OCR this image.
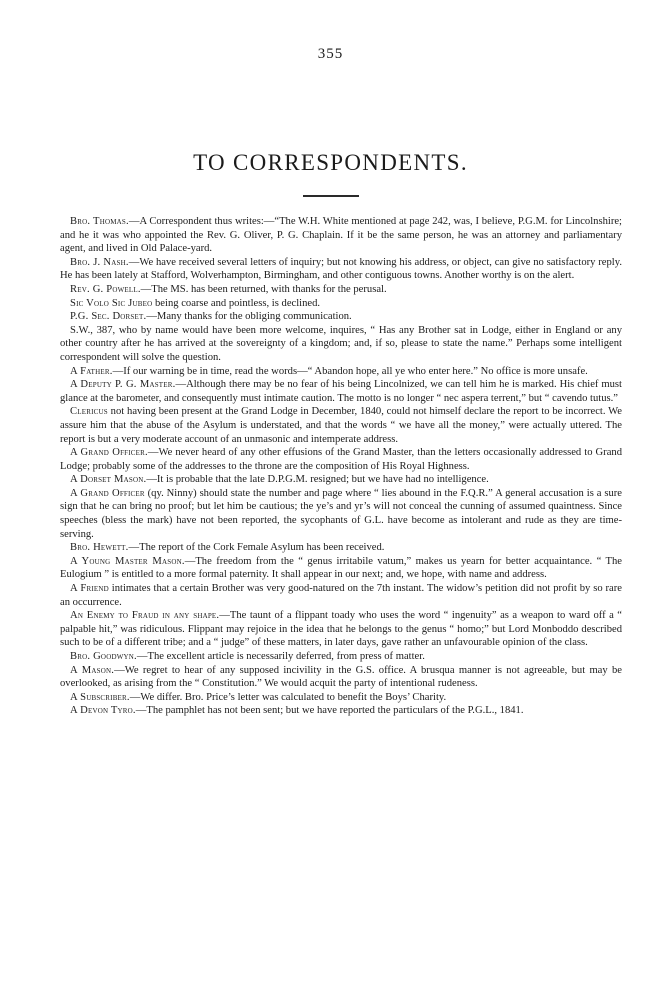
355
TO CORRESPONDENTS.

Bro. Thomas.—A Correspondent thus writes:—“The W.H. White mentioned at page 242, was, I believe, P.G.M. for Lincolnshire; and he it was who appointed the Rev. G. Oliver, P. G. Chaplain. If it be the same person, he was an attorney and parliamentary agent, and lived in Old Palace-yard.

Bro. J. Nash.—We have received several letters of inquiry; but not knowing his address, or object, can give no satisfactory reply. He has been lately at Stafford, Wolverhampton, Birmingham, and other contiguous towns. Another worthy is on the alert.

Rev. G. Powell.—The MS. has been returned, with thanks for the perusal.

Sic Volo Sic Jubeo being coarse and pointless, is declined.

P.G. Sec. Dorset.—Many thanks for the obliging communication.

S.W., 387, who by name would have been more welcome, inquires, “ Has any Brother sat in Lodge, either in England or any other country after he has arrived at the sovereignty of a kingdom; and, if so, please to state the name.” Perhaps some intelligent correspondent will solve the question.

A Father.—If our warning be in time, read the words—“ Abandon hope, all ye who enter here.” No office is more unsafe.

A Deputy P. G. Master.—Although there may be no fear of his being Lincolnized, we can tell him he is marked. His chief must glance at the barometer, and consequently must intimate caution. The motto is no longer “ nec aspera terrent,” but “ cavendo tutus.”

Clericus not having been present at the Grand Lodge in December, 1840, could not himself declare the report to be incorrect. We assure him that the abuse of the Asylum is understated, and that the words “ we have all the money,” were actually uttered. The report is but a very moderate account of an unmasonic and intemperate address.

A Grand Officer.—We never heard of any other effusions of the Grand Master, than the letters occasionally addressed to Grand Lodge; probably some of the addresses to the throne are the composition of His Royal Highness.

A Dorset Mason.—It is probable that the late D.P.G.M. resigned; but we have had no intelligence.

A Grand Officer (qy. Ninny) should state the number and page where “ lies abound in the F.Q.R.” A general accusation is a sure sign that he can bring no proof; but let him be cautious; the ye’s and yr’s will not conceal the cunning of assumed quaintness. Since speeches (bless the mark) have not been reported, the sycophants of G.L. have become as intolerant and rude as they are time-serving.

Bro. Hewett.—The report of the Cork Female Asylum has been received.

A Young Master Mason.—The freedom from the “ genus irritabile vatum,” makes us yearn for better acquaintance. “ The Eulogium ” is entitled to a more formal paternity. It shall appear in our next; and, we hope, with name and address.

A Friend intimates that a certain Brother was very good-natured on the 7th instant. The widow’s petition did not profit by so rare an occurrence.

An Enemy to Fraud in any shape.—The taunt of a flippant toady who uses the word “ ingenuity” as a weapon to ward off a “ palpable hit,” was ridiculous. Flippant may rejoice in the idea that he belongs to the genus “ homo;” but Lord Monboddo described such to be of a different tribe; and a “ judge” of these matters, in later days, gave rather an unfavourable opinion of the class.

Bro. Goodwyn.—The excellent article is necessarily deferred, from press of matter.

A Mason.—We regret to hear of any supposed incivility in the G.S. office. A brusqua manner is not agreeable, but may be overlooked, as arising from the “ Constitution.” We would acquit the party of intentional rudeness.

A Subscriber.—We differ. Bro. Price’s letter was calculated to benefit the Boys’ Charity.

A Devon Tyro.—The pamphlet has not been sent; but we have reported the particulars of the P.G.L., 1841.
